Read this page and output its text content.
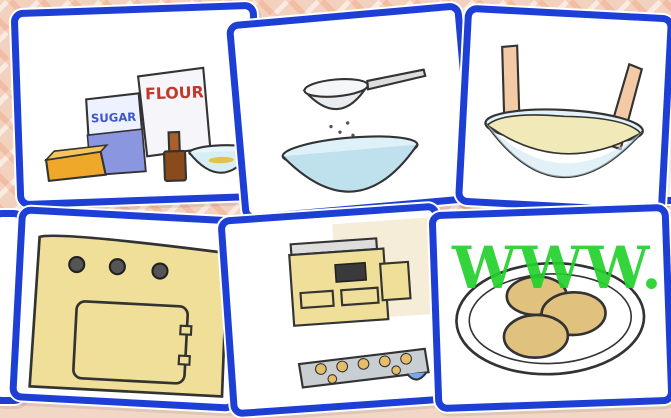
FLOUR
SUGAR
WWW.
